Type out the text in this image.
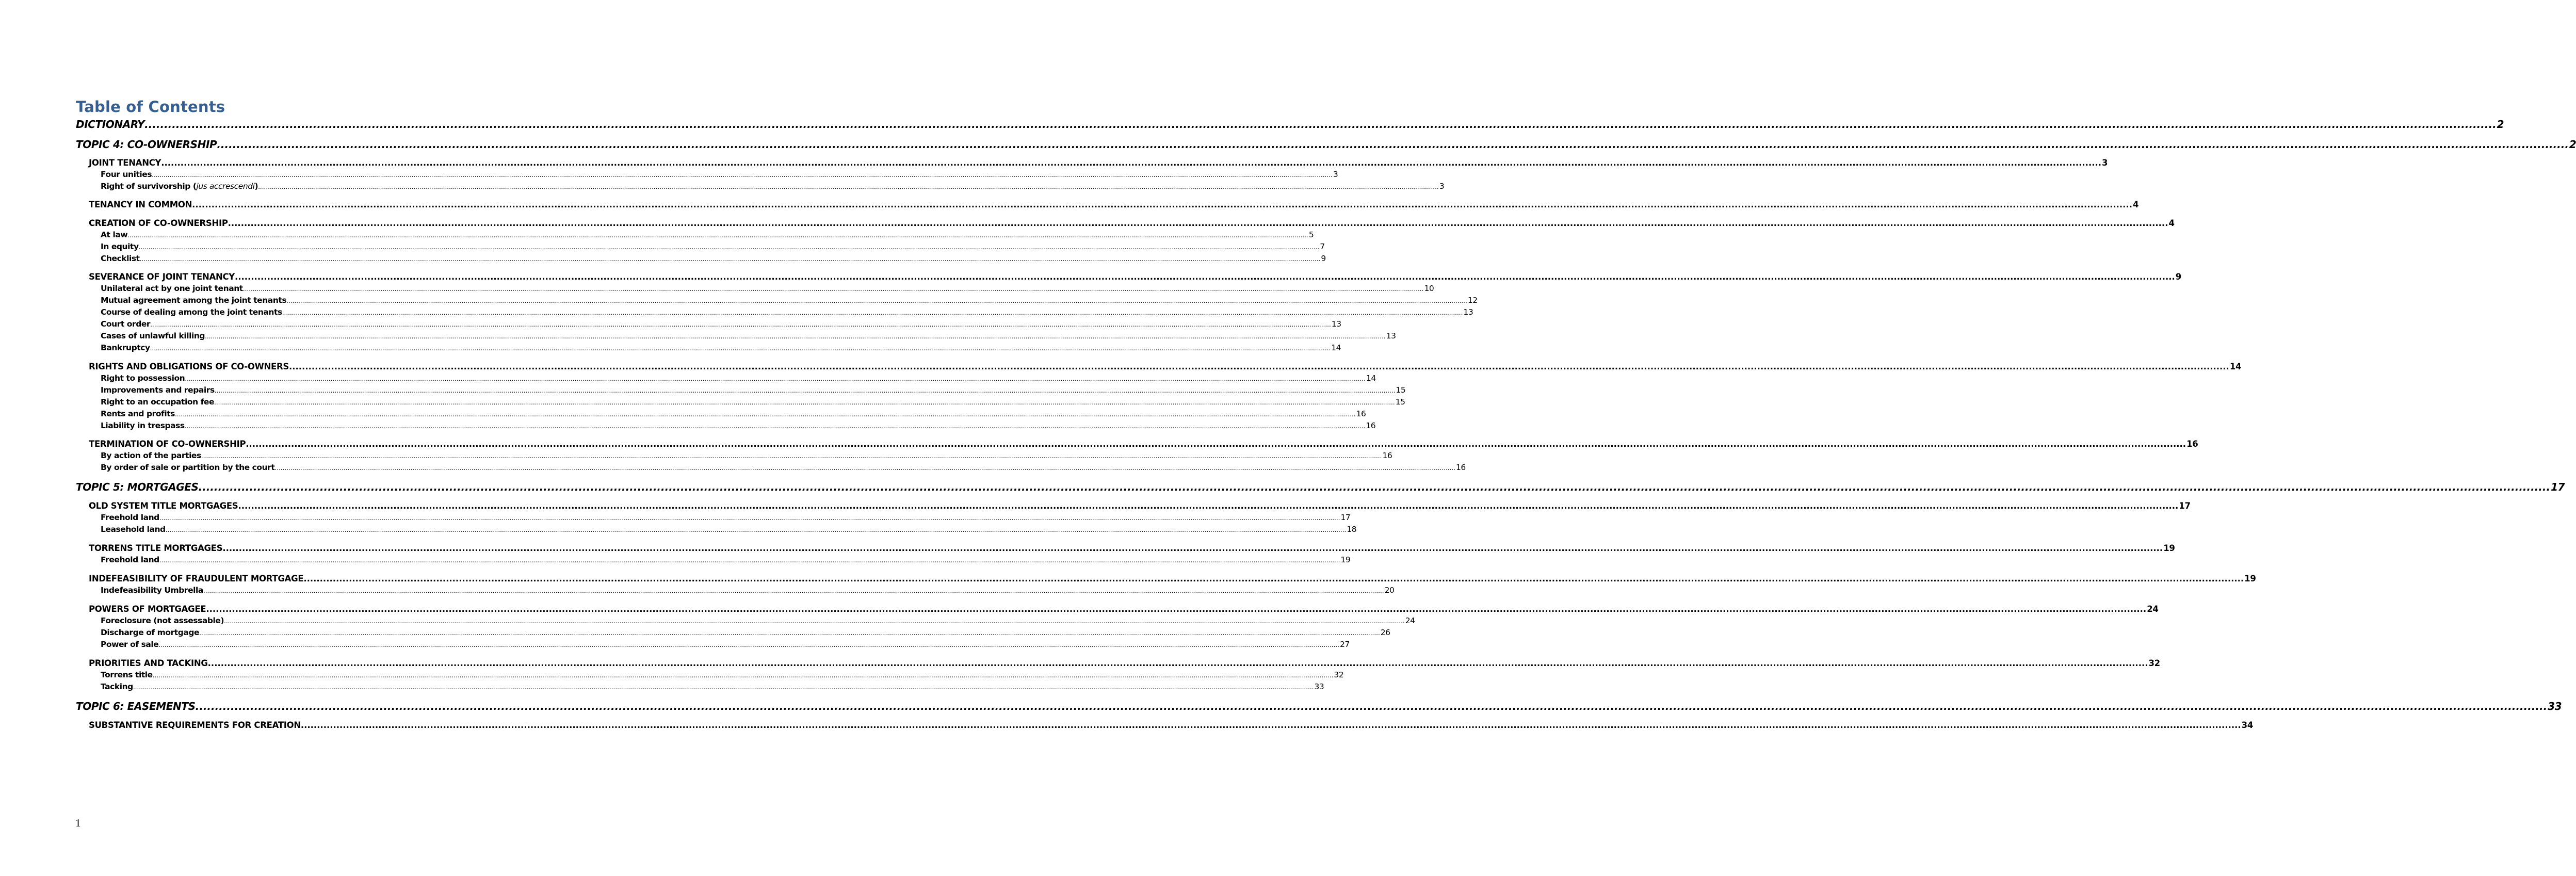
Table of Contents
DICTIONARY ........................................................................................................................................................................................................................................................................................................................................................................................................................................................................................................................................................................................................................ 2
TOPIC 4: CO-OWNERSHIP ........................................................................................................................................................................................................................................................................................................................................................................................................................................................................................................................................................................................................................ 2
JOINT TENANCY ........................................................................................................................................................................................................................................................................................................................................................................................................................................................................................................................................................................................................................ 3
Four unities ........................................................................................................................................................................................................................................................................................................................................................................................................................................................................................................................................................................................................................ 3
Right of survivorship (jus accrescendi) ........................................................................................................................................................................................................................................................................................................................................................................................................................................................................................................................................................................................................................ 3
TENANCY IN COMMON ........................................................................................................................................................................................................................................................................................................................................................................................................................................................................................................................................................................................................................ 4
CREATION OF CO-OWNERSHIP ........................................................................................................................................................................................................................................................................................................................................................................................................................................................................................................................................................................................................................ 4
At law ........................................................................................................................................................................................................................................................................................................................................................................................................................................................................................................................................................................................................................ 5
In equity ........................................................................................................................................................................................................................................................................................................................................................................................................................................................................................................................................................................................................................ 7
Checklist ........................................................................................................................................................................................................................................................................................................................................................................................................................................................................................................................................................................................................................ 9
SEVERANCE OF JOINT TENANCY ........................................................................................................................................................................................................................................................................................................................................................................................................................................................................................................................................................................................................................ 9
Unilateral act by one joint tenant ........................................................................................................................................................................................................................................................................................................................................................................................................................................................................................................................................................................................................................ 10
Mutual agreement among the joint tenants ........................................................................................................................................................................................................................................................................................................................................................................................................................................................................................................................................................................................................................ 12
Course of dealing among the joint tenants ........................................................................................................................................................................................................................................................................................................................................................................................................................................................................................................................................................................................................................ 13
Court order ........................................................................................................................................................................................................................................................................................................................................................................................................................................................................................................................................................................................................................ 13
Cases of unlawful killing ........................................................................................................................................................................................................................................................................................................................................................................................................................................................................................................................................................................................................................ 13
Bankruptcy ........................................................................................................................................................................................................................................................................................................................................................................................................................................................................................................................................................................................................................ 14
RIGHTS AND OBLIGATIONS OF CO-OWNERS ........................................................................................................................................................................................................................................................................................................................................................................................................................................................................................................................................................................................................................ 14
Right to possession ........................................................................................................................................................................................................................................................................................................................................................................................................................................................................................................................................................................................................................ 14
Improvements and repairs ........................................................................................................................................................................................................................................................................................................................................................................................................................................................................................................................................................................................................................ 15
Right to an occupation fee ........................................................................................................................................................................................................................................................................................................................................................................................................................................................................................................................................................................................................................ 15
Rents and profits ........................................................................................................................................................................................................................................................................................................................................................................................................................................................................................................................................................................................................................ 16
Liability in trespass ........................................................................................................................................................................................................................................................................................................................................................................................................................................................................................................................................................................................................................ 16
TERMINATION OF CO-OWNERSHIP ........................................................................................................................................................................................................................................................................................................................................................................................................................................................................................................................................................................................................................ 16
By action of the parties ........................................................................................................................................................................................................................................................................................................................................................................................................................................................................................................................................................................................................................ 16
By order of sale or partition by the court ........................................................................................................................................................................................................................................................................................................................................................................................................................................................................................................................................................................................................................ 16
TOPIC 5: MORTGAGES ........................................................................................................................................................................................................................................................................................................................................................................................................................................................................................................................................................................................................................ 17
OLD SYSTEM TITLE MORTGAGES ........................................................................................................................................................................................................................................................................................................................................................................................................................................................................................................................................................................................................................ 17
Freehold land ........................................................................................................................................................................................................................................................................................................................................................................................................................................................................................................................................................................................................................ 17
Leasehold land ........................................................................................................................................................................................................................................................................................................................................................................................................................................................................................................................................................................................................................ 18
TORRENS TITLE MORTGAGES ........................................................................................................................................................................................................................................................................................................................................................................................................................................................................................................................................................................................................................ 19
Freehold land ........................................................................................................................................................................................................................................................................................................................................................................................................................................................................................................................................................................................................................ 19
INDEFEASIBILITY OF FRAUDULENT MORTGAGE ........................................................................................................................................................................................................................................................................................................................................................................................................................................................................................................................................................................................................................ 19
Indefeasibility Umbrella ........................................................................................................................................................................................................................................................................................................................................................................................................................................................................................................................................................................................................................ 20
POWERS OF MORTGAGEE ........................................................................................................................................................................................................................................................................................................................................................................................................................................................................................................................................................................................................................ 24
Foreclosure (not assessable) ........................................................................................................................................................................................................................................................................................................................................................................................................................................................................................................................................................................................................................ 24
Discharge of mortgage ........................................................................................................................................................................................................................................................................................................................................................................................................................................................................................................................................................................................................................ 26
Power of sale ........................................................................................................................................................................................................................................................................................................................................................................................................................................................................................................................................................................................................................ 27
PRIORITIES AND TACKING ........................................................................................................................................................................................................................................................................................................................................................................................................................................................................................................................................................................................................................ 32
Torrens title ........................................................................................................................................................................................................................................................................................................................................................................................................................................................................................................................................................................................................................ 32
Tacking ........................................................................................................................................................................................................................................................................................................................................................................................................................................................................................................................................................................................................................ 33
TOPIC 6: EASEMENTS ........................................................................................................................................................................................................................................................................................................................................................................................................................................................................................................................................................................................................................ 33
SUBSTANTIVE REQUIREMENTS FOR CREATION ........................................................................................................................................................................................................................................................................................................................................................................................................................................................................................................................................................................................................................ 34
1
